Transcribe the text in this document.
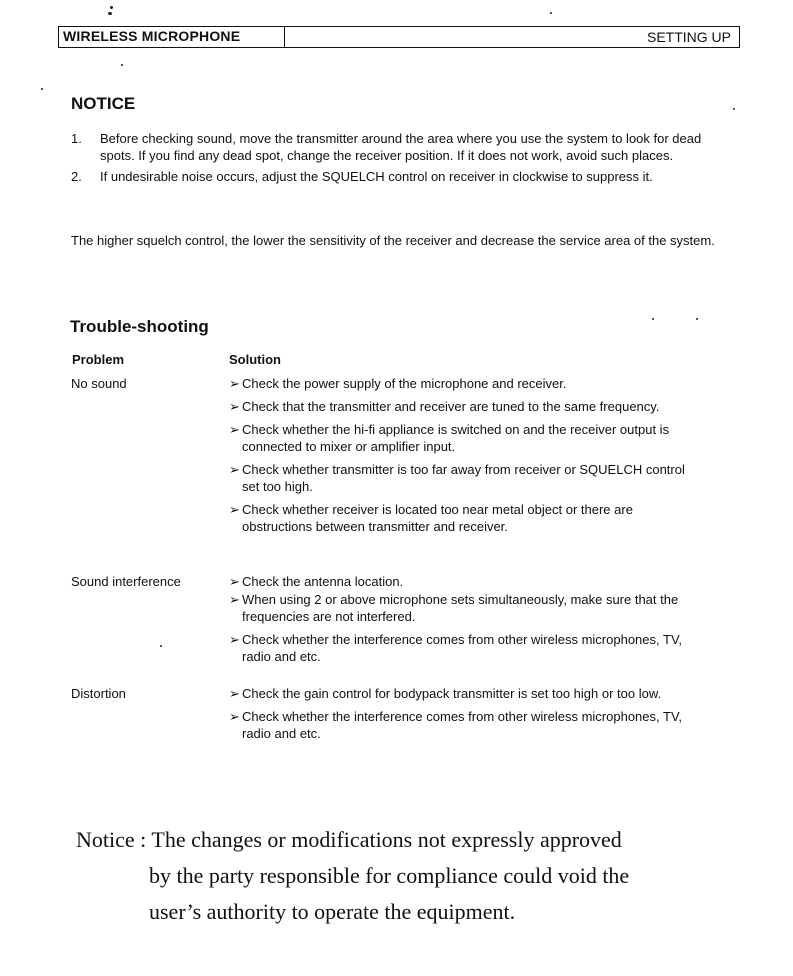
WIRELESS MICROPHONE	SETTING UP
NOTICE
1. Before checking sound, move the transmitter around the area where you use the system to look for dead spots. If you find any dead spot, change the receiver position. If it does not work, avoid such places.
2. If undesirable noise occurs, adjust the SQUELCH control on receiver in clockwise to suppress it.
The higher squelch control, the lower the sensitivity of the receiver and decrease the service area of the system.
Trouble-shooting
Problem	Solution
No sound	➢ Check the power supply of the microphone and receiver.
➢ Check that the transmitter and receiver are tuned to the same frequency.
➢ Check whether the hi-fi appliance is switched on and the receiver output is connected to mixer or amplifier input.
➢ Check whether transmitter is too far away from receiver or SQUELCH control set too high.
➢ Check whether receiver is located too near metal object or there are obstructions between transmitter and receiver.
Sound interference	➢ Check the antenna location.
➢ When using 2 or above microphone sets simultaneously, make sure that the frequencies are not interfered.
➢ Check whether the interference comes from other wireless microphones, TV, radio and etc.
Distortion	➢ Check the gain control for bodypack transmitter is set too high or too low.
➢ Check whether the interference comes from other wireless microphones, TV, radio and etc.
Notice : The changes or modifications not expressly approved
by the party responsible for compliance could void the
user’s authority to operate the equipment.
